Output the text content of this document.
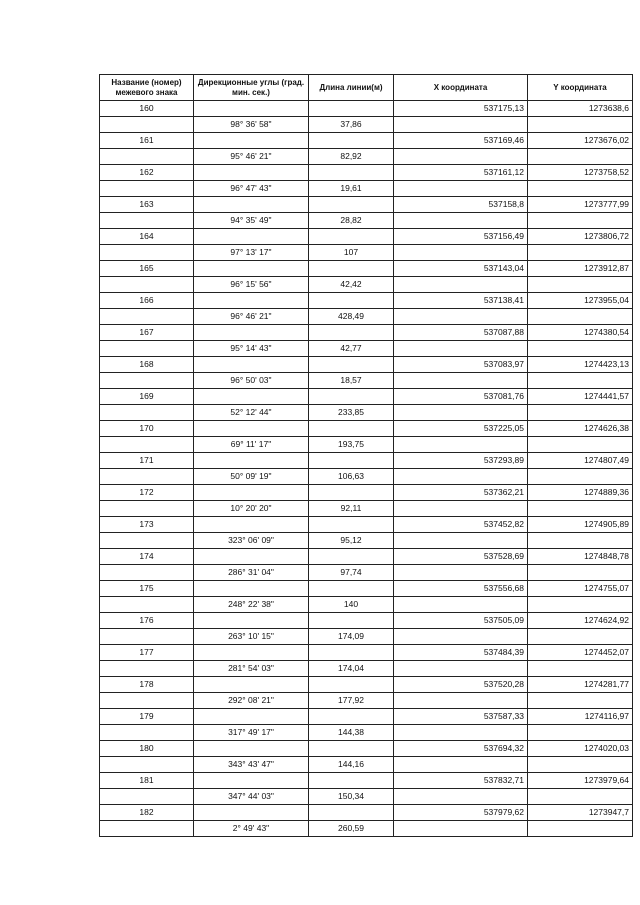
Название (номер) межевого знака	Дирекционные углы (град. мин. сек.)	Длина линии(м)	X координата	Y координата
160			537175,13	1273638,6
	98° 36' 58"	37,86		
161			537169,46	1273676,02
	95° 46' 21"	82,92		
162			537161,12	1273758,52
	96° 47' 43"	19,61		
163			537158,8	1273777,99
	94° 35' 49"	28,82		
164			537156,49	1273806,72
	97° 13' 17"	107		
165			537143,04	1273912,87
	96° 15' 56"	42,42		
166			537138,41	1273955,04
	96° 46' 21"	428,49		
167			537087,88	1274380,54
	95° 14' 43"	42,77		
168			537083,97	1274423,13
	96° 50' 03"	18,57		
169			537081,76	1274441,57
	52° 12' 44"	233,85		
170			537225,05	1274626,38
	69° 11' 17"	193,75		
171			537293,89	1274807,49
	50° 09' 19"	106,63		
172			537362,21	1274889,36
	10° 20' 20"	92,11		
173			537452,82	1274905,89
	323° 06' 09"	95,12		
174			537528,69	1274848,78
	286° 31' 04"	97,74		
175			537556,68	1274755,07
	248° 22' 38"	140		
176			537505,09	1274624,92
	263° 10' 15"	174,09		
177			537484,39	1274452,07
	281° 54' 03"	174,04		
178			537520,28	1274281,77
	292° 08' 21"	177,92		
179			537587,33	1274116,97
	317° 49' 17"	144,38		
180			537694,32	1274020,03
	343° 43' 47"	144,16		
181			537832,71	1273979,64
	347° 44' 03"	150,34		
182			537979,62	1273947,7
	2° 49' 43"	260,59		
